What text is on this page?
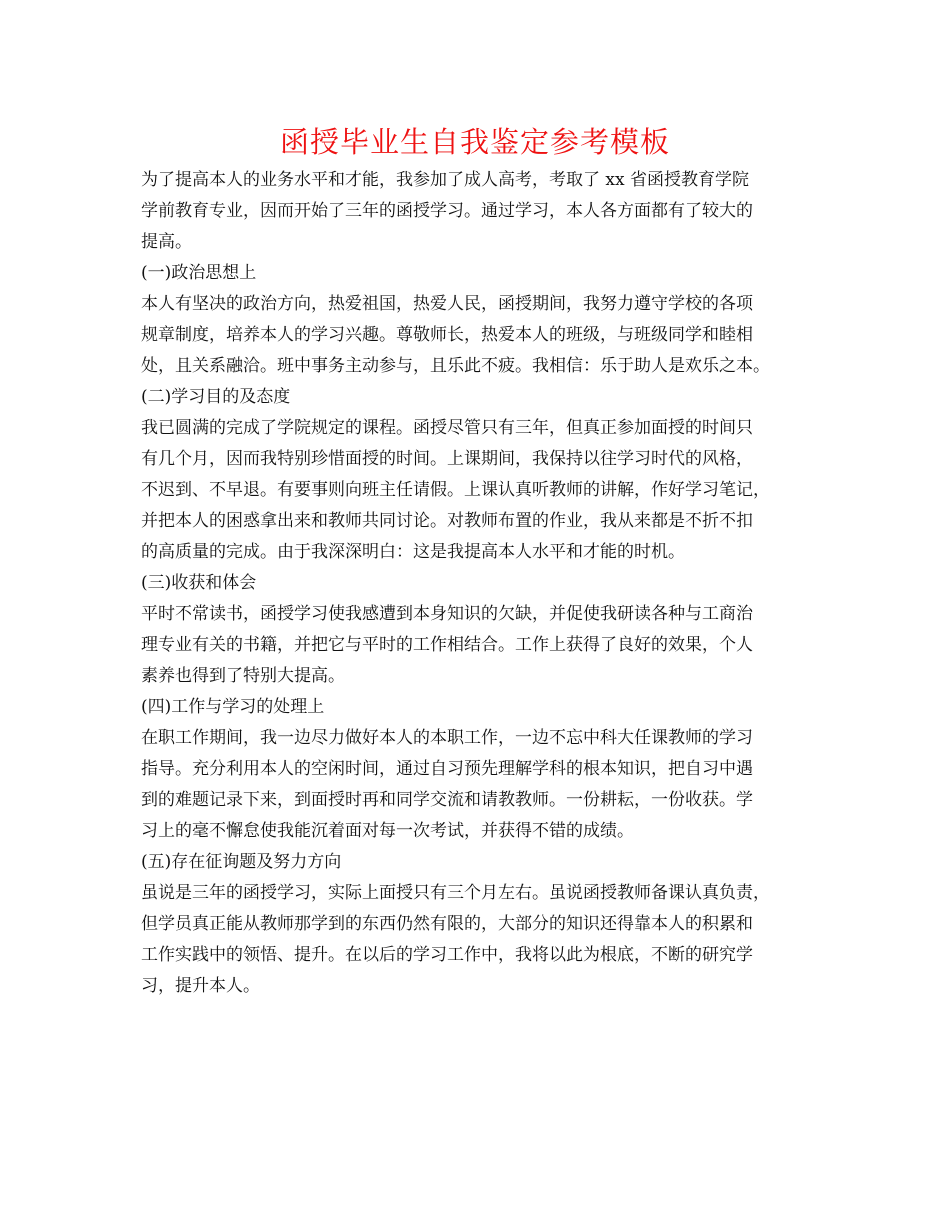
函授毕业生自我鉴定参考模板
为了提高本人的业务水平和才能，我参加了成人高考，考取了 xx 省函授教育学院
学前教育专业，因而开始了三年的函授学习。通过学习，本人各方面都有了较大的
提高。
(一)政治思想上
本人有坚决的政治方向，热爱祖国，热爱人民，函授期间，我努力遵守学校的各项
规章制度，培养本人的学习兴趣。尊敬师长，热爱本人的班级，与班级同学和睦相
处，且关系融洽。班中事务主动参与，且乐此不疲。我相信：乐于助人是欢乐之本。
(二)学习目的及态度
我已圆满的完成了学院规定的课程。函授尽管只有三年，但真正参加面授的时间只
有几个月，因而我特别珍惜面授的时间。上课期间，我保持以往学习时代的风格，
不迟到、不早退。有要事则向班主任请假。上课认真听教师的讲解，作好学习笔记，
并把本人的困惑拿出来和教师共同讨论。对教师布置的作业，我从来都是不折不扣
的高质量的完成。由于我深深明白：这是我提高本人水平和才能的时机。
(三)收获和体会
平时不常读书，函授学习使我感遭到本身知识的欠缺，并促使我研读各种与工商治
理专业有关的书籍，并把它与平时的工作相结合。工作上获得了良好的效果，个人
素养也得到了特别大提高。
(四)工作与学习的处理上
在职工作期间，我一边尽力做好本人的本职工作，一边不忘中科大任课教师的学习
指导。充分利用本人的空闲时间，通过自习预先理解学科的根本知识，把自习中遇
到的难题记录下来，到面授时再和同学交流和请教教师。一份耕耘，一份收获。学
习上的毫不懈怠使我能沉着面对每一次考试，并获得不错的成绩。
(五)存在征询题及努力方向
虽说是三年的函授学习，实际上面授只有三个月左右。虽说函授教师备课认真负责，
但学员真正能从教师那学到的东西仍然有限的，大部分的知识还得靠本人的积累和
工作实践中的领悟、提升。在以后的学习工作中，我将以此为根底，不断的研究学
习，提升本人。
